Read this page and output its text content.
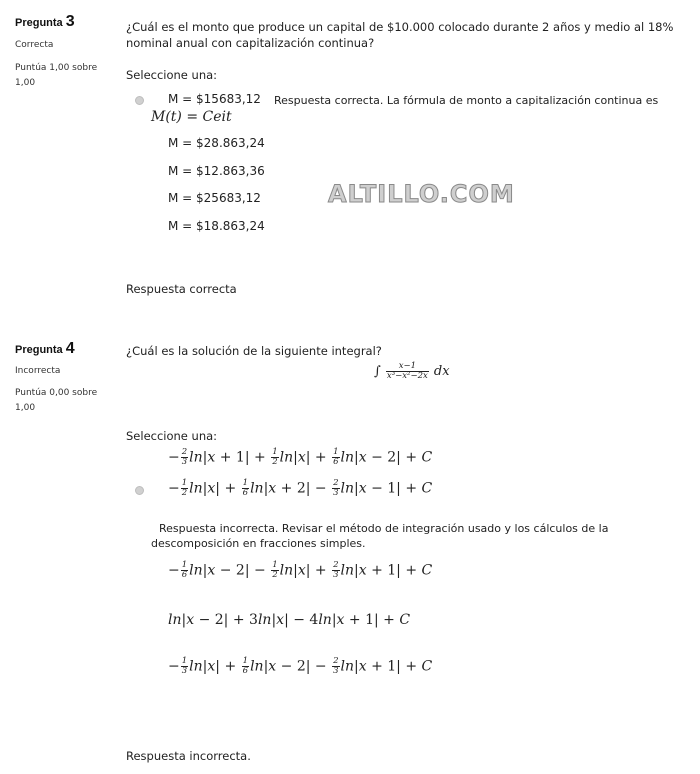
Pregunta 3
Correcta
Puntúa 1,00 sobre 1,00
¿Cuál es el monto que produce un capital de $10.000 colocado durante 2 años y medio al 18% nominal anual con capitalización continua?
Seleccione una:
M = $15683,12 Respuesta correcta. La fórmula de monto a capitalización continua es
M(t) = Ceit
M = $28.863,24
M = $12.863,36
M = $25683,12
M = $18.863,24
ALTILLO.COM
Respuesta correcta
Pregunta 4
Incorrecta
Puntúa 0,00 sobre 1,00
¿Cuál es la solución de la siguiente integral?
∫ $\frac{x-1}{\text{x³−x²−2x}}$ dx
Seleccione una:
− $\frac{2}{3} \ln|x + 1| + \frac{1}{2} \ln|x| + \frac{1}{6} \ln|x - 2| + C$
− $\frac{1}{2} \ln|x| + \frac{1}{6} \ln|x + 2| - \frac{2}{3} \ln|x - 1| + C$
Respuesta incorrecta. Revisar el método de integración usado y los cálculos de la descomposición en fracciones simples.
− $\frac{1}{6} \ln|x - 2| - \frac{1}{2} \ln|x| + \frac{2}{3} \ln|x + 1| + C$
ln|x − 2| + 3ln|x| − 4ln|x + 1| + C
− $\frac{1}{3} \ln|x| + \frac{1}{6} \ln|x - 2| - \frac{2}{3} \ln|x + 1| + C$
Respuesta incorrecta.
